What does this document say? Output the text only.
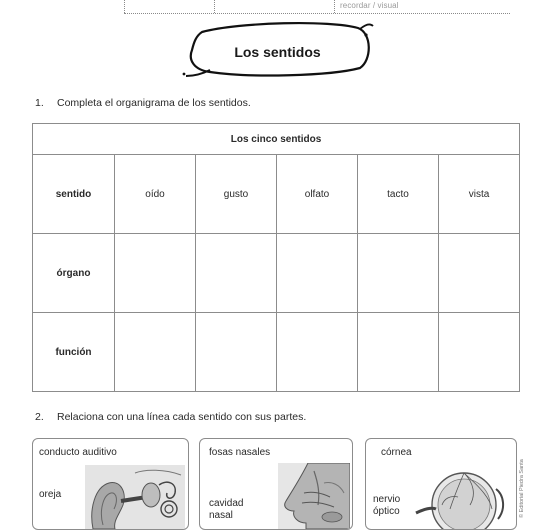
recordar / visual
Los sentidos
1. Completa el organigrama de los sentidos.
Los cinco sentidos					
sentido	oído	gusto	olfato	tacto	vista
órgano					
función					
2. Relaciona con una línea cada sentido con sus partes.
conducto auditivo
oreja
fosas nasales
cavidad
nasal
córnea
nervio
óptico	© Editorial Piedra Santa
